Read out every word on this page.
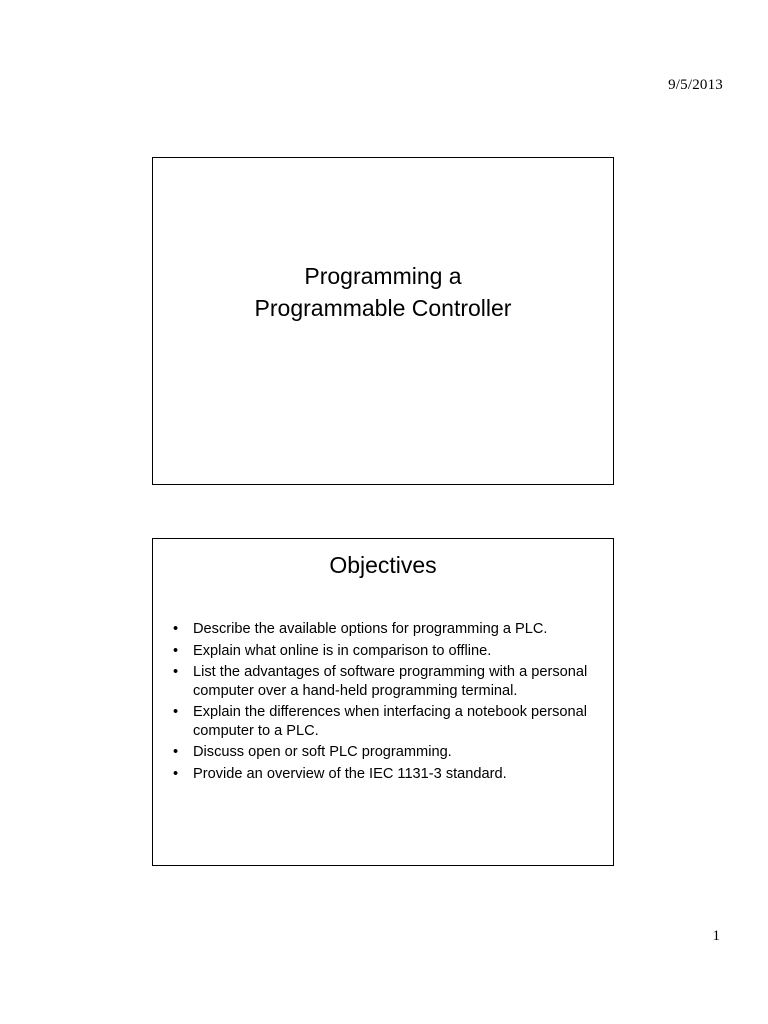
9/5/2013
Programming a
Programmable Controller
Objectives
• Describe the available options for programming a PLC.
• Explain what online is in comparison to offline.
• List the advantages of software programming with a personal computer over a hand-held programming terminal.
• Explain the differences when interfacing a notebook personal computer to a PLC.
• Discuss open or soft PLC programming.
• Provide an overview of the IEC 1131-3 standard.
1
